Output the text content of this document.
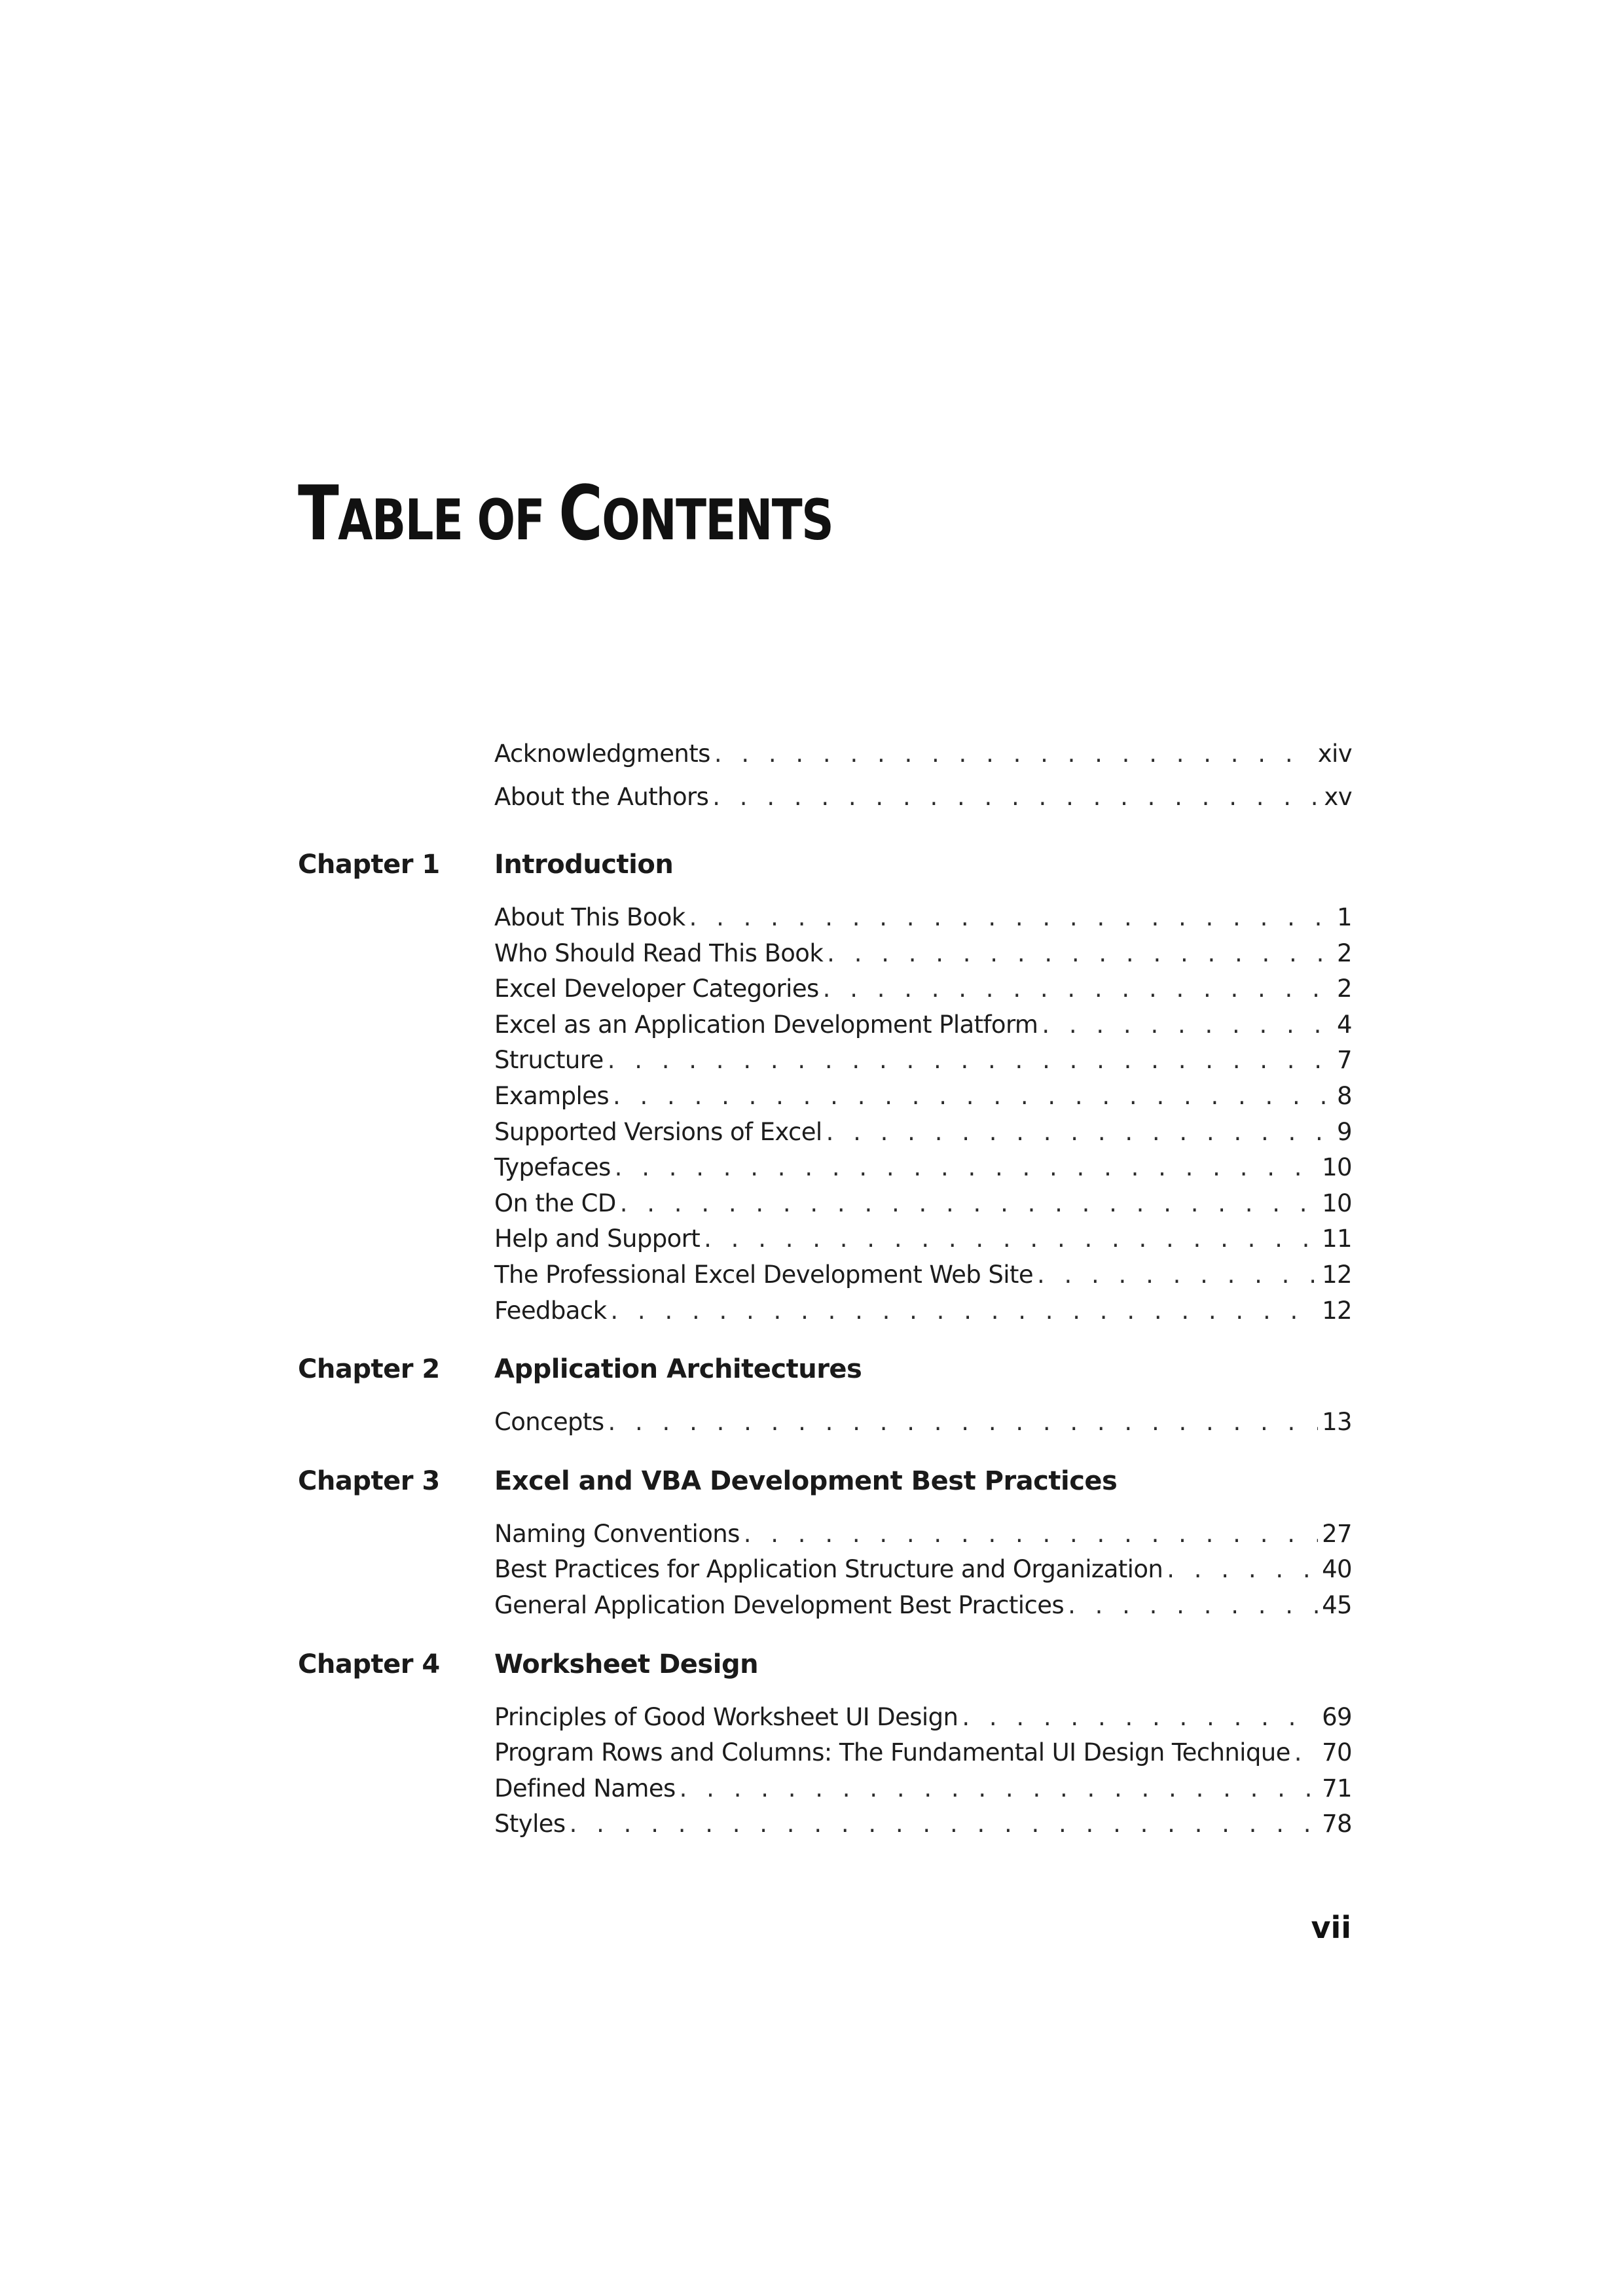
TABLE OF CONTENTS
Acknowledgments . . .	xiv
About the Authors . . .	xv
Chapter 1	Introduction
About This Book . . .	1
Who Should Read This Book . . .	2
Excel Developer Categories . . .	2
Excel as an Application Development Platform . . .	4
Structure . . .	7
Examples . . .	8
Supported Versions of Excel . . .	9
Typefaces . . .	10
On the CD . . .	10
Help and Support . . .	11
The Professional Excel Development Web Site . . .	12
Feedback . . .	12
Chapter 2	Application Architectures
Concepts . . .	13
Chapter 3	Excel and VBA Development Best Practices
Naming Conventions . . .	27
Best Practices for Application Structure and Organization . . .	40
General Application Development Best Practices . . .	45
Chapter 4	Worksheet Design
Principles of Good Worksheet UI Design . . .	69
Program Rows and Columns: The Fundamental UI Design Technique . . . 70
Defined Names . . .	71
Styles . . .	78
vii
